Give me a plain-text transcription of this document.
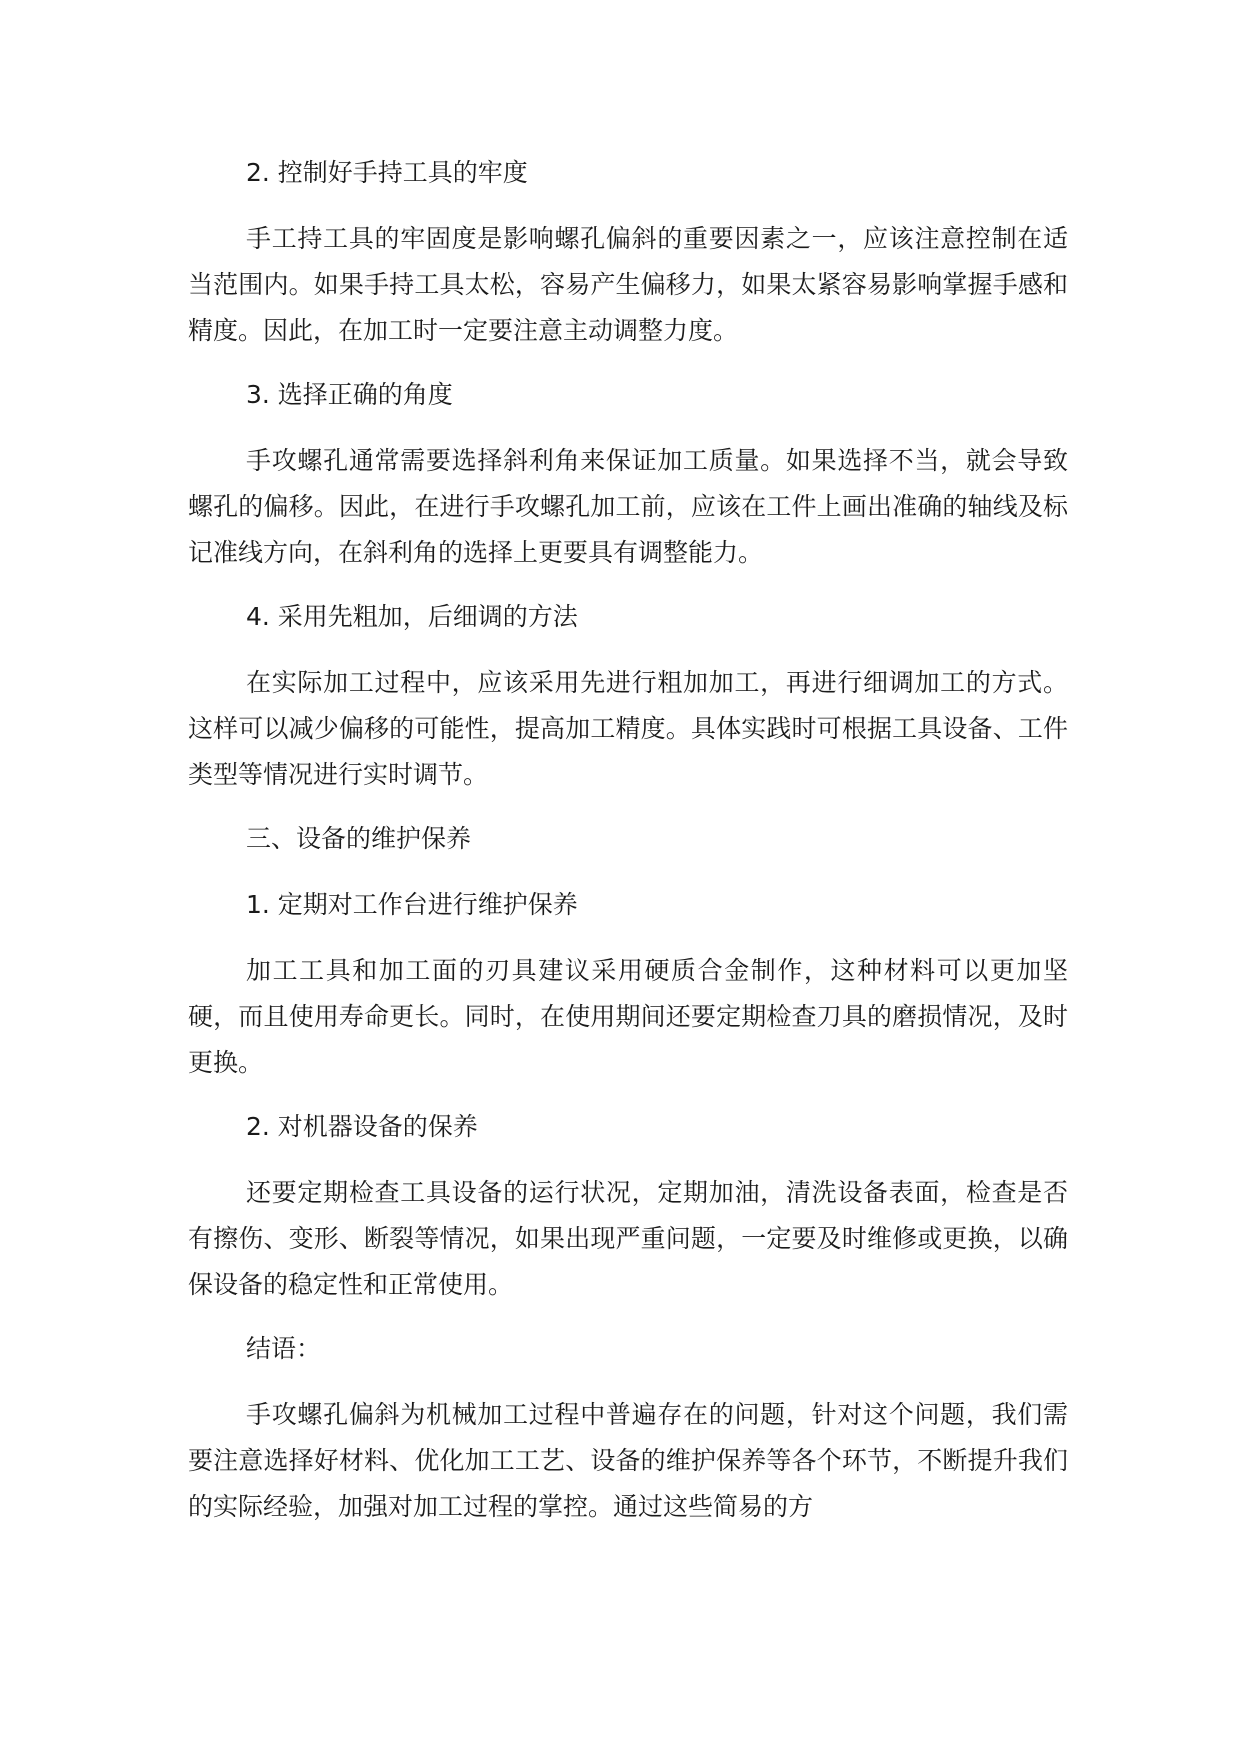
2. 控制好手持工具的牢度

手工持工具的牢固度是影响螺孔偏斜的重要因素之一，应该注意控制在适当范围内。如果手持工具太松，容易产生偏移力，如果太紧容易影响掌握手感和精度。因此，在加工时一定要注意主动调整力度。

3. 选择正确的角度

手攻螺孔通常需要选择斜利角来保证加工质量。如果选择不当，就会导致螺孔的偏移。因此，在进行手攻螺孔加工前，应该在工件上画出准确的轴线及标记准线方向，在斜利角的选择上更要具有调整能力。

4. 采用先粗加，后细调的方法

在实际加工过程中，应该采用先进行粗加加工，再进行细调加工的方式。这样可以减少偏移的可能性，提高加工精度。具体实践时可根据工具设备、工件类型等情况进行实时调节。

三、设备的维护保养

1. 定期对工作台进行维护保养

加工工具和加工面的刃具建议采用硬质合金制作，这种材料可以更加坚硬，而且使用寿命更长。同时，在使用期间还要定期检查刀具的磨损情况，及时更换。

2. 对机器设备的保养

还要定期检查工具设备的运行状况，定期加油，清洗设备表面，检查是否有擦伤、变形、断裂等情况，如果出现严重问题，一定要及时维修或更换，以确保设备的稳定性和正常使用。

结语：

手攻螺孔偏斜为机械加工过程中普遍存在的问题，针对这个问题，我们需要注意选择好材料、优化加工工艺、设备的维护保养等各个环节，不断提升我们的实际经验，加强对加工过程的掌控。通过这些简易的方
